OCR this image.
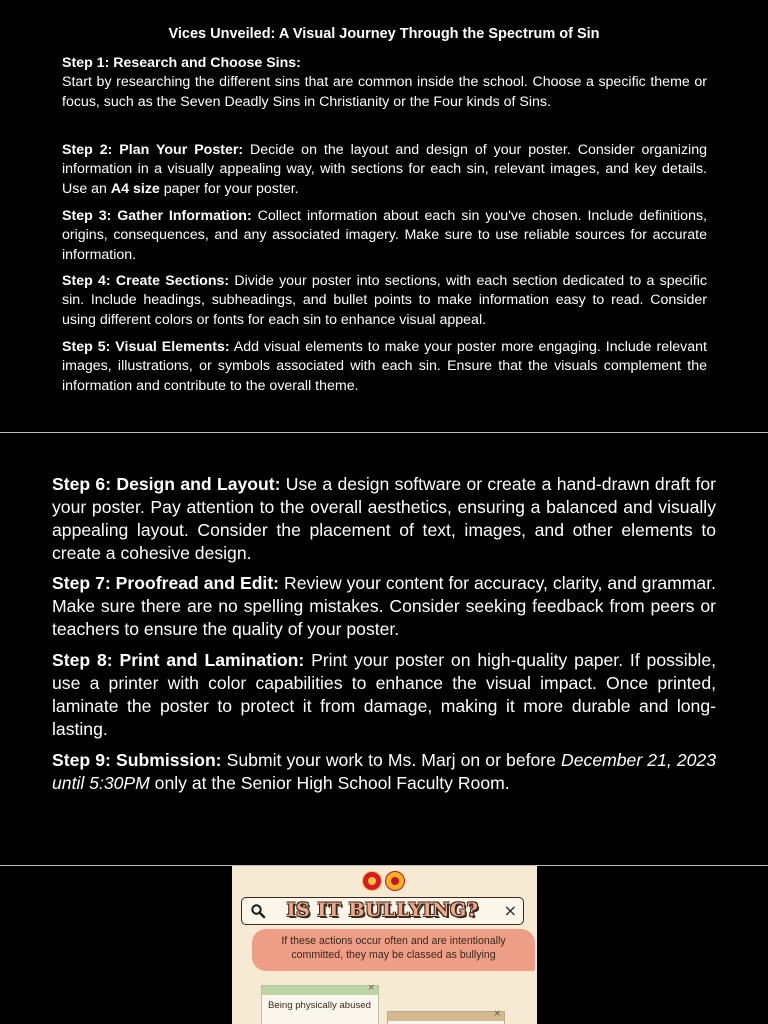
Vices Unveiled: A Visual Journey Through the Spectrum of Sin
Step 1: Research and Choose Sins:
Start by researching the different sins that are common inside the school. Choose a specific theme or focus, such as the Seven Deadly Sins in Christianity or the Four kinds of Sins.
Step 2: Plan Your Poster: Decide on the layout and design of your poster. Consider organizing information in a visually appealing way, with sections for each sin, relevant images, and key details. Use an A4 size paper for your poster.
Step 3: Gather Information: Collect information about each sin you've chosen. Include definitions, origins, consequences, and any associated imagery. Make sure to use reliable sources for accurate information.
Step 4: Create Sections: Divide your poster into sections, with each section dedicated to a specific sin. Include headings, subheadings, and bullet points to make information easy to read. Consider using different colors or fonts for each sin to enhance visual appeal.
Step 5: Visual Elements: Add visual elements to make your poster more engaging. Include relevant images, illustrations, or symbols associated with each sin. Ensure that the visuals complement the information and contribute to the overall theme.
Step 6: Design and Layout: Use a design software or create a hand-drawn draft for your poster. Pay attention to the overall aesthetics, ensuring a balanced and visually appealing layout. Consider the placement of text, images, and other elements to create a cohesive design.
Step 7: Proofread and Edit: Review your content for accuracy, clarity, and grammar. Make sure there are no spelling mistakes. Consider seeking feedback from peers or teachers to ensure the quality of your poster.
Step 8: Print and Lamination: Print your poster on high-quality paper. If possible, use a printer with color capabilities to enhance the visual impact. Once printed, laminate the poster to protect it from damage, making it more durable and long-lasting.
Step 9: Submission: Submit your work to Ms. Marj on or before December 21, 2023 until 5:30PM only at the Senior High School Faculty Room.
IS IT BULLYING?	×
If these actions occur often and are intentionally committed, they may be classed as bullying
×
Being physically abused
×
